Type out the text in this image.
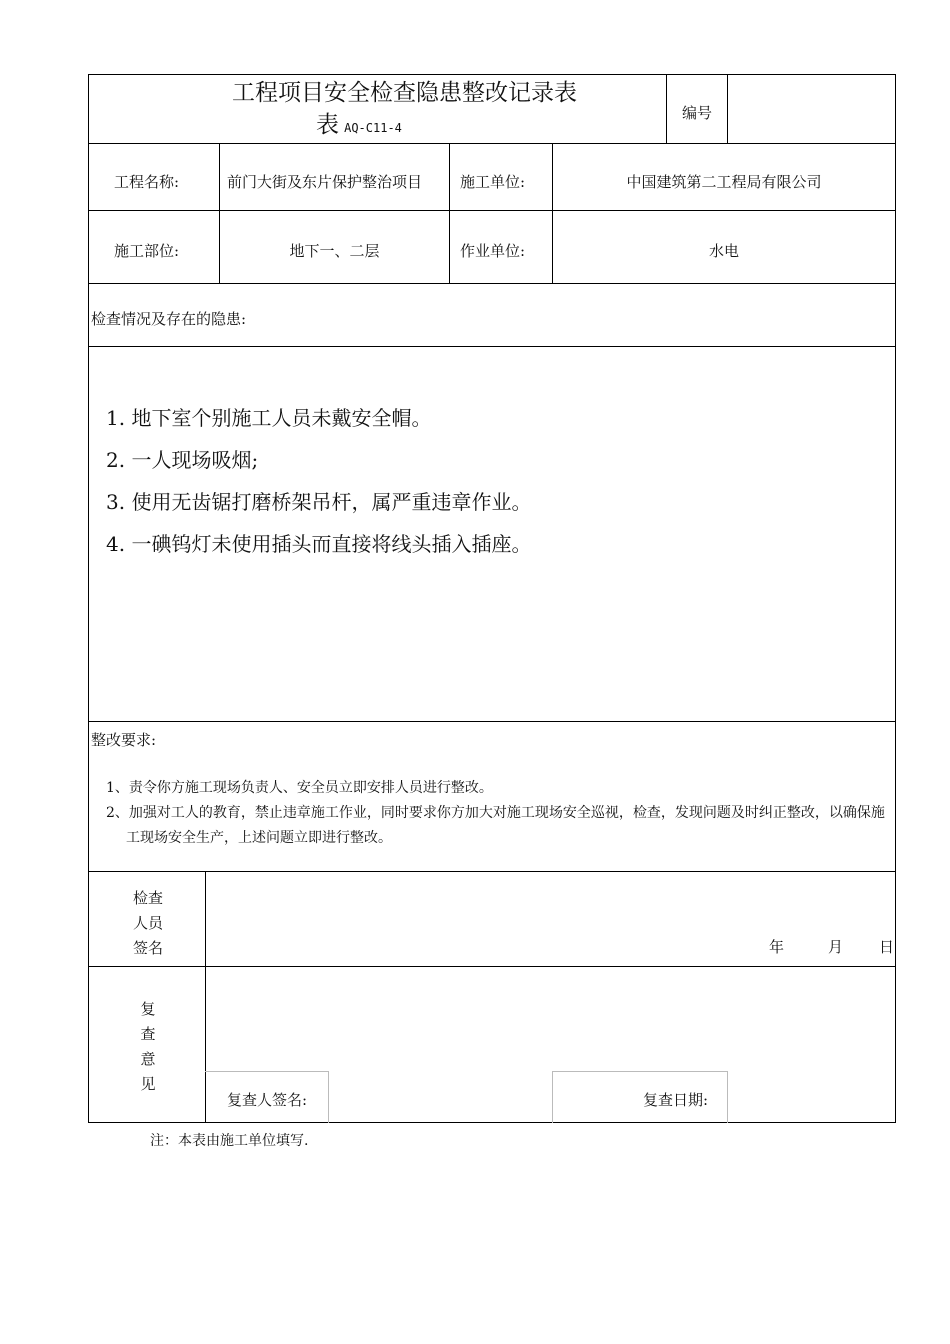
工程项目安全检查隐患整改记录表
表 AQ-C11-4
编号
工程名称:	前门大街及东片保护整治项目	施工单位:	中国建筑第二工程局有限公司
施工部位:	地下一、二层	作业单位:	水电
检查情况及存在的隐患:
1. 地下室个别施工人员未戴安全帽。
2. 一人现场吸烟;
3. 使用无齿锯打磨桥架吊杆，属严重违章作业。
4. 一碘钨灯未使用插头而直接将线头插入插座。
整改要求:
1、责令你方施工现场负责人、安全员立即安排人员进行整改。
2、加强对工人的教育，禁止违章施工作业，同时要求你方加大对施工现场安全巡视，检查，发现问题及时纠正整改，以确保施工现场安全生产，上述问题立即进行整改。
检查
人员
签名	年	月 日
复
查
意
见
复查人签名:	复查日期:
注：本表由施工单位填写.
